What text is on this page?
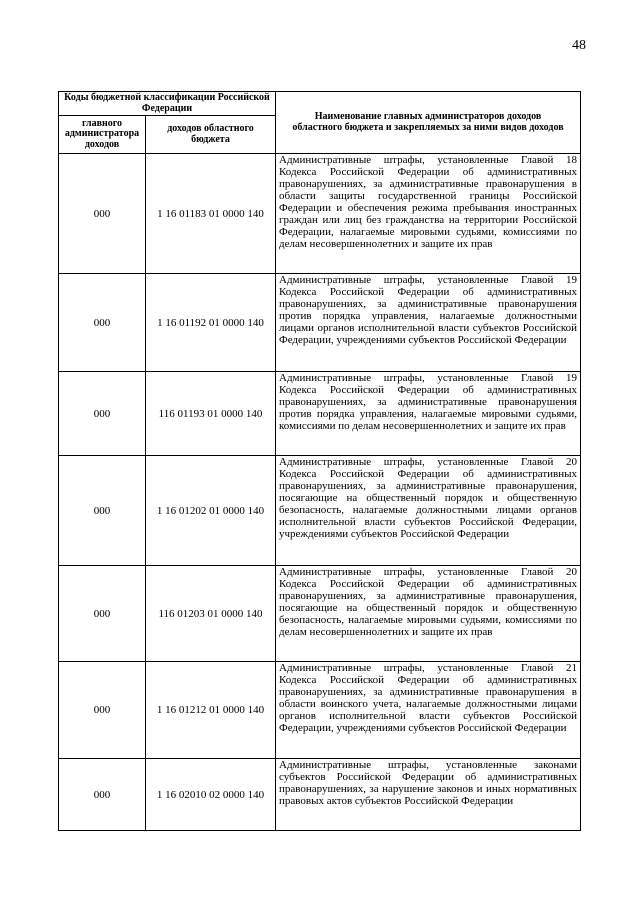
48
Коды бюджетной классификации Российской Федерации		Наименование главных администраторов доходов областного бюджета и закрепляемых за ними видов доходов
главного администратора доходов	доходов областного бюджета	
000	1 16 01183 01 0000 140	Административные штрафы, установленные Главой 18 Кодекса Российской Федерации об административных правонарушениях, за административные правонарушения в области защиты государственной границы Российской Федерации и обеспечения режима пребывания иностранных граждан или лиц без гражданства на территории Российской Федерации, налагаемые мировыми судьями, комиссиями по делам несовершеннолетних и защите их прав
000	1 16 01192 01 0000 140	Административные штрафы, установленные Главой 19 Кодекса Российской Федерации об административных правонарушениях, за административные правонарушения против порядка управления, налагаемые должностными лицами органов исполнительной власти субъектов Российской Федерации, учреждениями субъектов Российской Федерации
000	116 01193 01 0000 140	Административные штрафы, установленные Главой 19 Кодекса Российской Федерации об административных правонарушениях, за административные правонарушения против порядка управления, налагаемые мировыми судьями, комиссиями по делам несовершеннолетних и защите их прав
000	1 16 01202 01 0000 140	Административные штрафы, установленные Главой 20 Кодекса Российской Федерации об административных правонарушениях, за административные правонарушения, посягающие на общественный порядок и общественную безопасность, налагаемые должностными лицами органов исполнительной власти субъектов Российской Федерации, учреждениями субъектов Российской Федерации
000	116 01203 01 0000 140	Административные штрафы, установленные Главой 20 Кодекса Российской Федерации об административных правонарушениях, за административные правонарушения, посягающие на общественный порядок и общественную безопасность, налагаемые мировыми судьями, комиссиями по делам несовершеннолетних и защите их прав
000	1 16 01212 01 0000 140	Административные штрафы, установленные Главой 21 Кодекса Российской Федерации об административных правонарушениях, за административные правонарушения в области воинского учета, налагаемые должностными лицами органов исполнительной власти субъектов Российской Федерации, учреждениями субъектов Российской Федерации
000	1 16 02010 02 0000 140	Административные штрафы, установленные законами субъектов Российской Федерации об административных правонарушениях, за нарушение законов и иных нормативных правовых актов субъектов Российской Федерации
